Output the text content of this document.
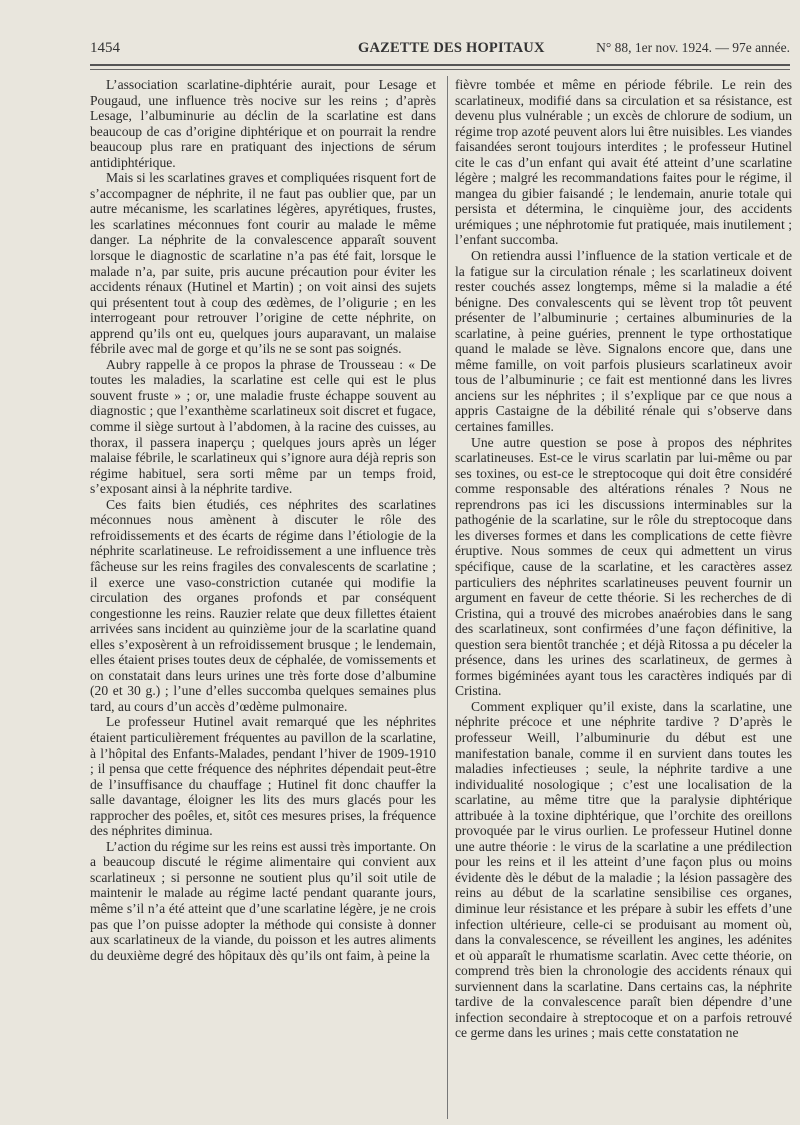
1454	GAZETTE DES HOPITAUX	N° 88, 1er nov. 1924. — 97e année.

L’association scarlatine-diphtérie aurait, pour Lesage et Pougaud, une influence très nocive sur les reins ; d’après Lesage, l’albuminurie au déclin de la scarlatine est dans beaucoup de cas d’origine diphtérique et on pourrait la rendre beaucoup plus rare en pratiquant des injections de sérum antidiphtérique.

Mais si les scarlatines graves et compliquées risquent fort de s’accompagner de néphrite, il ne faut pas oublier que, par un autre mécanisme, les scarlatines légères, apyrétiques, frustes, les scarlatines méconnues font courir au malade le même danger. La néphrite de la convalescence apparaît souvent lorsque le diagnostic de scarlatine n’a pas été fait, lorsque le malade n’a, par suite, pris aucune précaution pour éviter les accidents rénaux (Hutinel et Martin) ; on voit ainsi des sujets qui présentent tout à coup des œdèmes, de l’oligurie ; en les interrogeant pour retrouver l’origine de cette néphrite, on apprend qu’ils ont eu, quelques jours auparavant, un malaise fébrile avec mal de gorge et qu’ils ne se sont pas soignés.

Aubry rappelle à ce propos la phrase de Trousseau : « De toutes les maladies, la scarlatine est celle qui est le plus souvent fruste » ; or, une maladie fruste échappe souvent au diagnostic ; que l’exanthème scarlatineux soit discret et fugace, comme il siège surtout à l’abdomen, à la racine des cuisses, au thorax, il passera inaperçu ; quelques jours après un léger malaise fébrile, le scarlatineux qui s’ignore aura déjà repris son régime habituel, sera sorti même par un temps froid, s’exposant ainsi à la néphrite tardive.

Ces faits bien étudiés, ces néphrites des scarlatines méconnues nous amènent à discuter le rôle des refroidissements et des écarts de régime dans l’étiologie de la néphrite scarlatineuse. Le refroidissement a une influence très fâcheuse sur les reins fragiles des convalescents de scarlatine ; il exerce une vaso-constriction cutanée qui modifie la circulation des organes profonds et par conséquent congestionne les reins. Rauzier relate que deux fillettes étaient arrivées sans incident au quinzième jour de la scarlatine quand elles s’exposèrent à un refroidissement brusque ; le lendemain, elles étaient prises toutes deux de céphalée, de vomissements et on constatait dans leurs urines une très forte dose d’albumine (20 et 30 g.) ; l’une d’elles succomba quelques semaines plus tard, au cours d’un accès d’œdème pulmonaire.

Le professeur Hutinel avait remarqué que les néphrites étaient particulièrement fréquentes au pavillon de la scarlatine, à l’hôpital des Enfants-Malades, pendant l’hiver de 1909-1910 ; il pensa que cette fréquence des néphrites dépendait peut-être de l’insuffisance du chauffage ; Hutinel fit donc chauffer la salle davantage, éloigner les lits des murs glacés pour les rapprocher des poêles, et, sitôt ces mesures prises, la fréquence des néphrites diminua.

L’action du régime sur les reins est aussi très importante. On a beaucoup discuté le régime alimentaire qui convient aux scarlatineux ; si personne ne soutient plus qu’il soit utile de maintenir le malade au régime lacté pendant quarante jours, même s’il n’a été atteint que d’une scarlatine légère, je ne crois pas que l’on puisse adopter la méthode qui consiste à donner aux scarlatineux de la viande, du poisson et les autres aliments du deuxième degré des hôpitaux dès qu’ils ont faim, à peine la

fièvre tombée et même en période fébrile. Le rein des scarlatineux, modifié dans sa circulation et sa résistance, est devenu plus vulnérable ; un excès de chlorure de sodium, un régime trop azoté peuvent alors lui être nuisibles. Les viandes faisandées seront toujours interdites ; le professeur Hutinel cite le cas d’un enfant qui avait été atteint d’une scarlatine légère ; malgré les recommandations faites pour le régime, il mangea du gibier faisandé ; le lendemain, anurie totale qui persista et détermina, le cinquième jour, des accidents urémiques ; une néphrotomie fut pratiquée, mais inutilement ; l’enfant succomba.

On retiendra aussi l’influence de la station verticale et de la fatigue sur la circulation rénale ; les scarlatineux doivent rester couchés assez longtemps, même si la maladie a été bénigne. Des convalescents qui se lèvent trop tôt peuvent présenter de l’albuminurie ; certaines albuminuries de la scarlatine, à peine guéries, prennent le type orthostatique quand le malade se lève. Signalons encore que, dans une même famille, on voit parfois plusieurs scarlatineux avoir tous de l’albuminurie ; ce fait est mentionné dans les livres anciens sur les néphrites ; il s’explique par ce que nous a appris Castaigne de la débilité rénale qui s’observe dans certaines familles.

Une autre question se pose à propos des néphrites scarlatineuses. Est-ce le virus scarlatin par lui-même ou par ses toxines, ou est-ce le streptocoque qui doit être considéré comme responsable des altérations rénales ? Nous ne reprendrons pas ici les discussions interminables sur la pathogénie de la scarlatine, sur le rôle du streptocoque dans les diverses formes et dans les complications de cette fièvre éruptive. Nous sommes de ceux qui admettent un virus spécifique, cause de la scarlatine, et les caractères assez particuliers des néphrites scarlatineuses peuvent fournir un argument en faveur de cette théorie. Si les recherches de di Cristina, qui a trouvé des microbes anaérobies dans le sang des scarlatineux, sont confirmées d’une façon définitive, la question sera bientôt tranchée ; et déjà Ritossa a pu déceler la présence, dans les urines des scarlatineux, de germes à formes bigéminées ayant tous les caractères indiqués par di Cristina.

Comment expliquer qu’il existe, dans la scarlatine, une néphrite précoce et une néphrite tardive ? D’après le professeur Weill, l’albuminurie du début est une manifestation banale, comme il en survient dans toutes les maladies infectieuses ; seule, la néphrite tardive a une individualité nosologique ; c’est une localisation de la scarlatine, au même titre que la paralysie diphtérique attribuée à la toxine diphtérique, que l’orchite des oreillons provoquée par le virus ourlien. Le professeur Hutinel donne une autre théorie : le virus de la scarlatine a une prédilection pour les reins et il les atteint d’une façon plus ou moins évidente dès le début de la maladie ; la lésion passagère des reins au début de la scarlatine sensibilise ces organes, diminue leur résistance et les prépare à subir les effets d’une infection ultérieure, celle-ci se produisant au moment où, dans la convalescence, se réveillent les angines, les adénites et où apparaît le rhumatisme scarlatin. Avec cette théorie, on comprend très bien la chronologie des accidents rénaux qui surviennent dans la scarlatine. Dans certains cas, la néphrite tardive de la convalescence paraît bien dépendre d’une infection secondaire à streptocoque et on a parfois retrouvé ce germe dans les urines ; mais cette constatation ne
